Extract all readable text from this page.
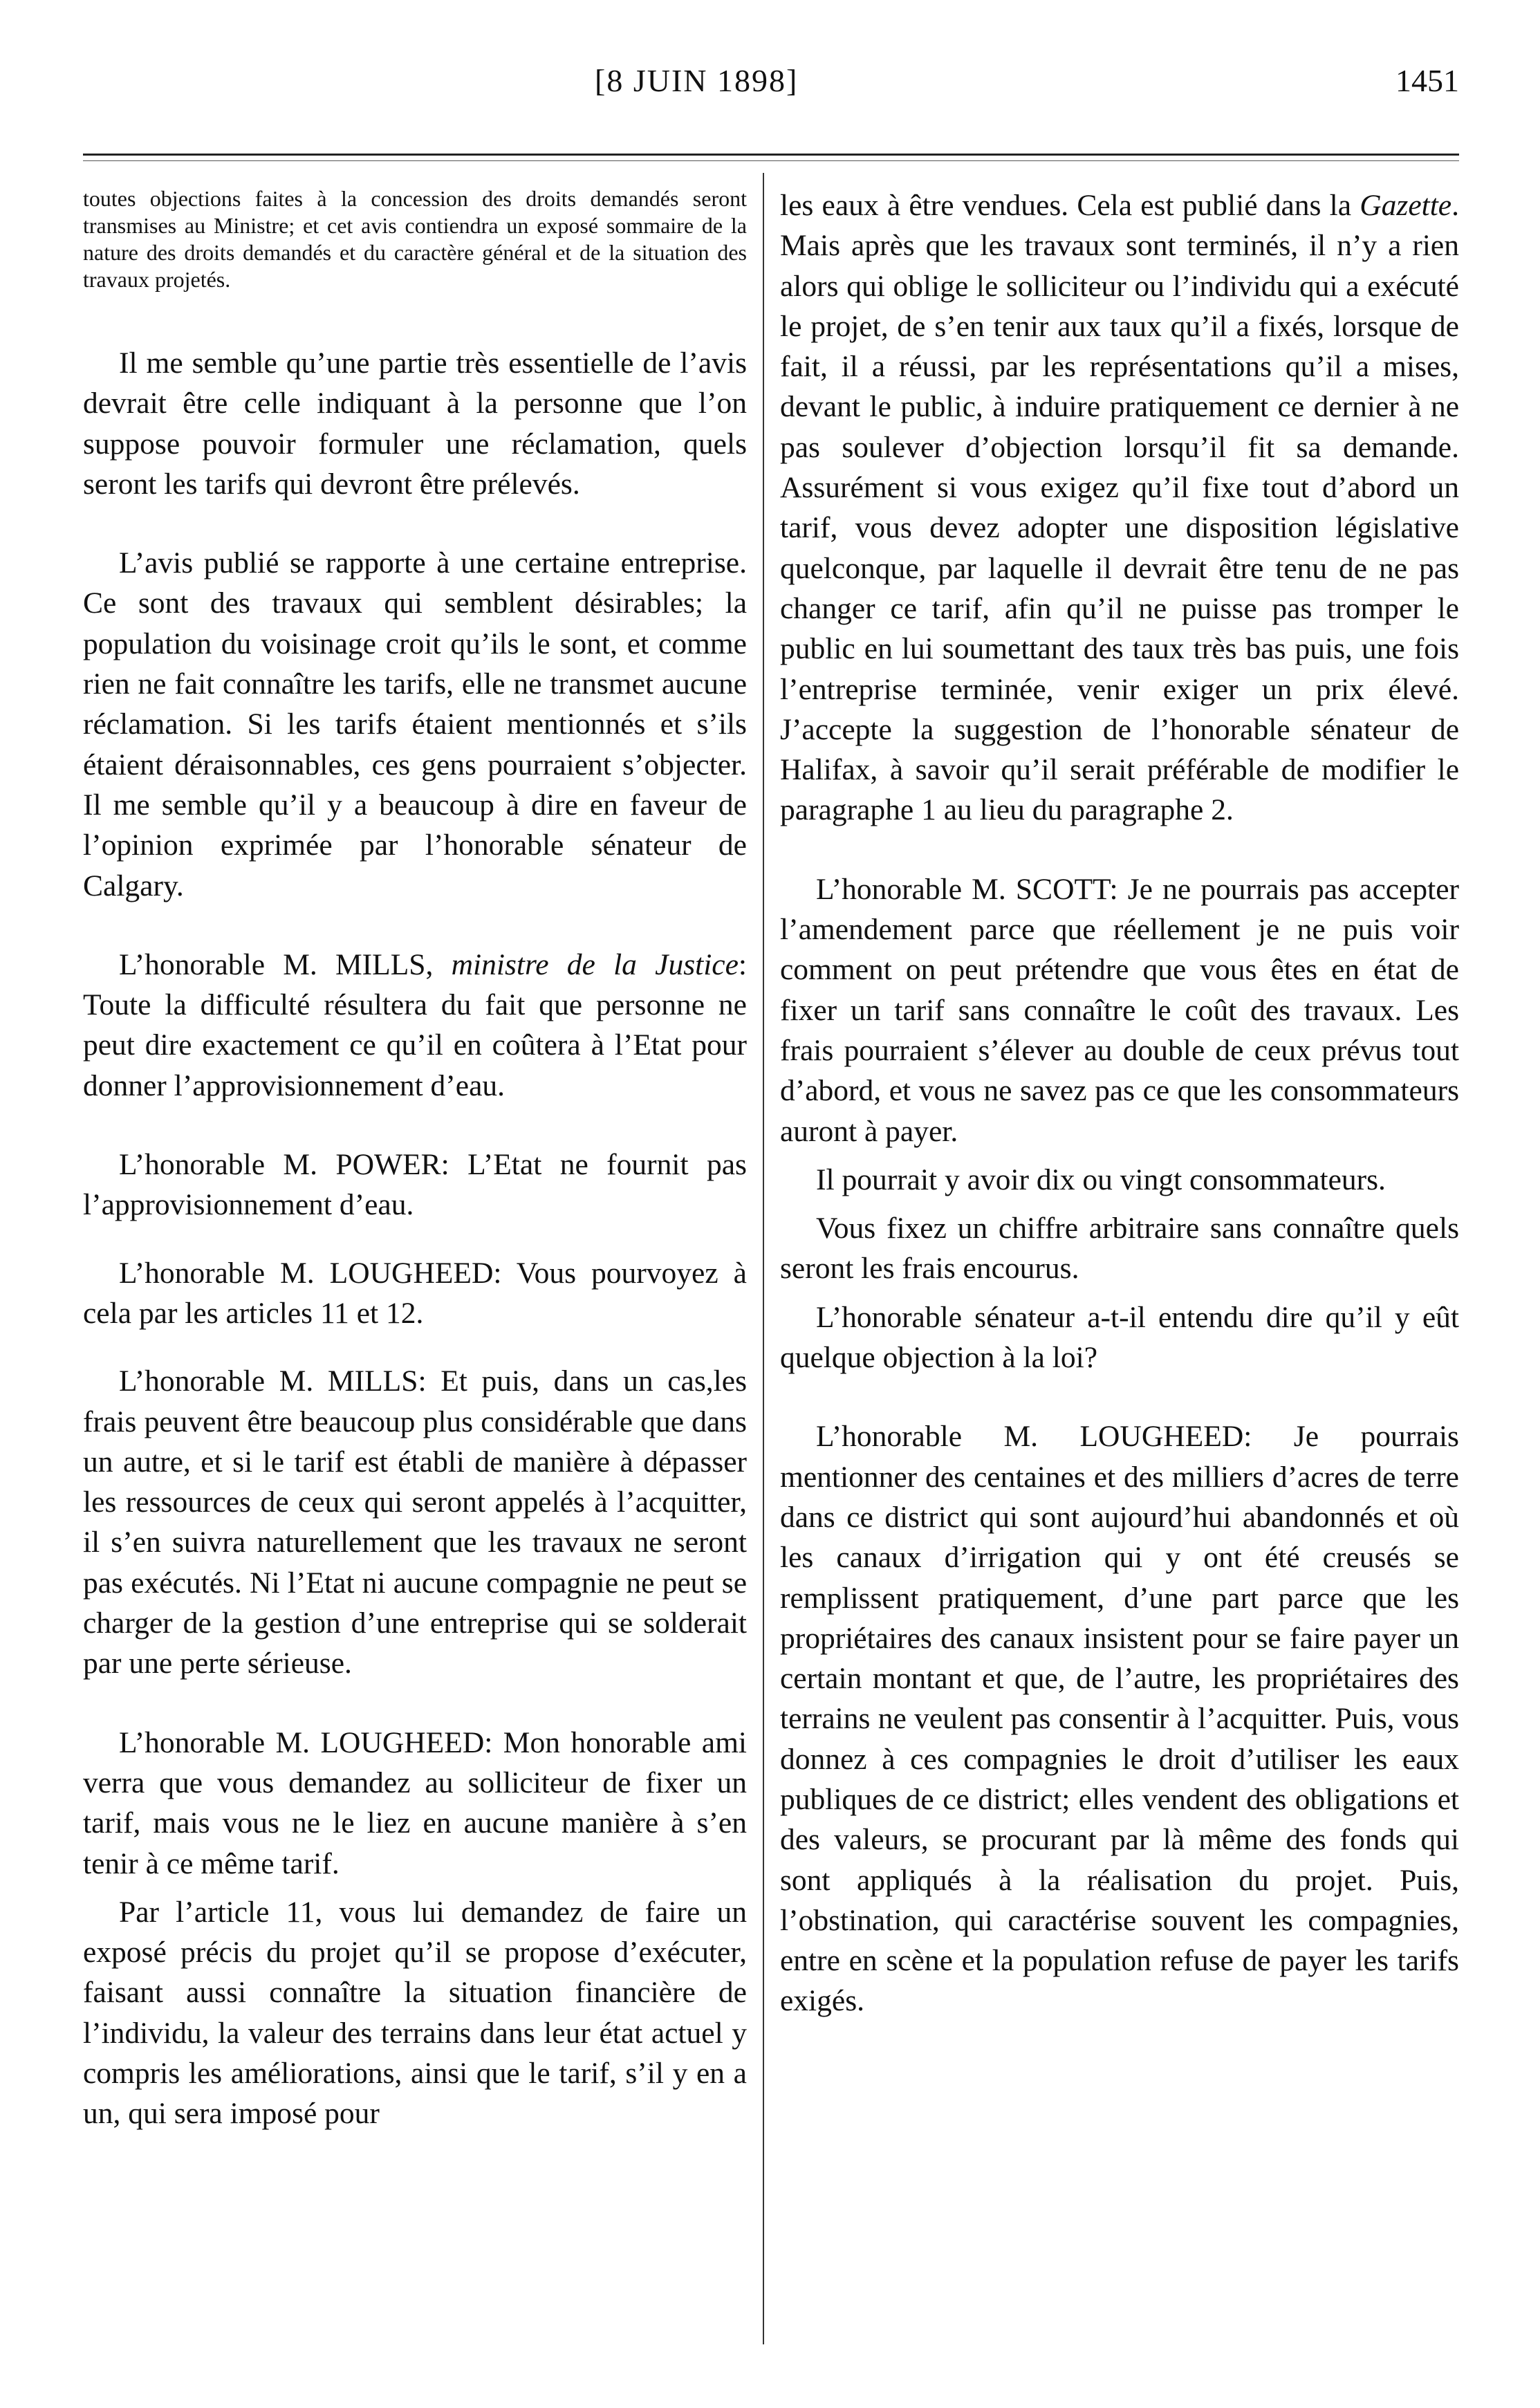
[8 JUIN 1898]	1451

toutes objections faites à la concession des droits demandés seront transmises au Ministre; et cet avis contiendra un exposé sommaire de la nature des droits demandés et du caractère général et de la situation des travaux projetés.

Il me semble qu’une partie très essentielle de l’avis devrait être celle indiquant à la personne que l’on suppose pouvoir formuler une réclamation, quels seront les tarifs qui devront être prélevés.

L’avis publié se rapporte à une certaine entreprise. Ce sont des travaux qui semblent désirables; la population du voisinage croit qu’ils le sont, et comme rien ne fait connaître les tarifs, elle ne transmet aucune réclamation. Si les tarifs étaient mentionnés et s’ils étaient déraisonnables, ces gens pourraient s’objecter. Il me semble qu’il y a beaucoup à dire en faveur de l’opinion exprimée par l’honorable sénateur de Calgary.

L’honorable M. MILLS, ministre de la Justice: Toute la difficulté résultera du fait que personne ne peut dire exactement ce qu’il en coûtera à l’Etat pour donner l’approvisionnement d’eau.

L’honorable M. POWER: L’Etat ne fournit pas l’approvisionnement d’eau.

L’honorable M. LOUGHEED: Vous pourvoyez à cela par les articles 11 et 12.

L’honorable M. MILLS: Et puis, dans un cas,les frais peuvent être beaucoup plus considérable que dans un autre, et si le tarif est établi de manière à dépasser les ressources de ceux qui seront appelés à l’acquitter, il s’en suivra naturellement que les travaux ne seront pas exécutés. Ni l’Etat ni aucune compagnie ne peut se charger de la gestion d’une entreprise qui se solderait par une perte sérieuse.

L’honorable M. LOUGHEED: Mon honorable ami verra que vous demandez au solliciteur de fixer un tarif, mais vous ne le liez en aucune manière à s’en tenir à ce même tarif.

Par l’article 11, vous lui demandez de faire un exposé précis du projet qu’il se propose d’exécuter, faisant aussi connaître la situation financière de l’individu, la valeur des terrains dans leur état actuel y compris les améliorations, ainsi que le tarif, s’il y en a un, qui sera imposé pour

les eaux à être vendues. Cela est publié dans la Gazette. Mais après que les travaux sont terminés, il n’y a rien alors qui oblige le solliciteur ou l’individu qui a exécuté le projet, de s’en tenir aux taux qu’il a fixés, lorsque de fait, il a réussi, par les représentations qu’il a mises, devant le public, à induire pratiquement ce dernier à ne pas soulever d’objection lorsqu’il fit sa demande. Assurément si vous exigez qu’il fixe tout d’abord un tarif, vous devez adopter une disposition législative quelconque, par laquelle il devrait être tenu de ne pas changer ce tarif, afin qu’il ne puisse pas tromper le public en lui soumettant des taux très bas puis, une fois l’entreprise terminée, venir exiger un prix élevé. J’accepte la suggestion de l’honorable sénateur de Halifax, à savoir qu’il serait préférable de modifier le paragraphe 1 au lieu du paragraphe 2.

L’honorable M. SCOTT: Je ne pourrais pas accepter l’amendement parce que réellement je ne puis voir comment on peut prétendre que vous êtes en état de fixer un tarif sans connaître le coût des travaux. Les frais pourraient s’élever au double de ceux prévus tout d’abord, et vous ne savez pas ce que les consommateurs auront à payer.

Il pourrait y avoir dix ou vingt consommateurs.

Vous fixez un chiffre arbitraire sans connaître quels seront les frais encourus.

L’honorable sénateur a-t-il entendu dire qu’il y eût quelque objection à la loi?

L’honorable M. LOUGHEED: Je pourrais mentionner des centaines et des milliers d’acres de terre dans ce district qui sont aujourd’hui abandonnés et où les canaux d’irrigation qui y ont été creusés se remplissent pratiquement, d’une part parce que les propriétaires des canaux insistent pour se faire payer un certain montant et que, de l’autre, les propriétaires des terrains ne veulent pas consentir à l’acquitter. Puis, vous donnez à ces compagnies le droit d’utiliser les eaux publiques de ce district; elles vendent des obligations et des valeurs, se procurant par là même des fonds qui sont appliqués à la réalisation du projet. Puis, l’obstination, qui caractérise souvent les compagnies, entre en scène et la population refuse de payer les tarifs exigés.
